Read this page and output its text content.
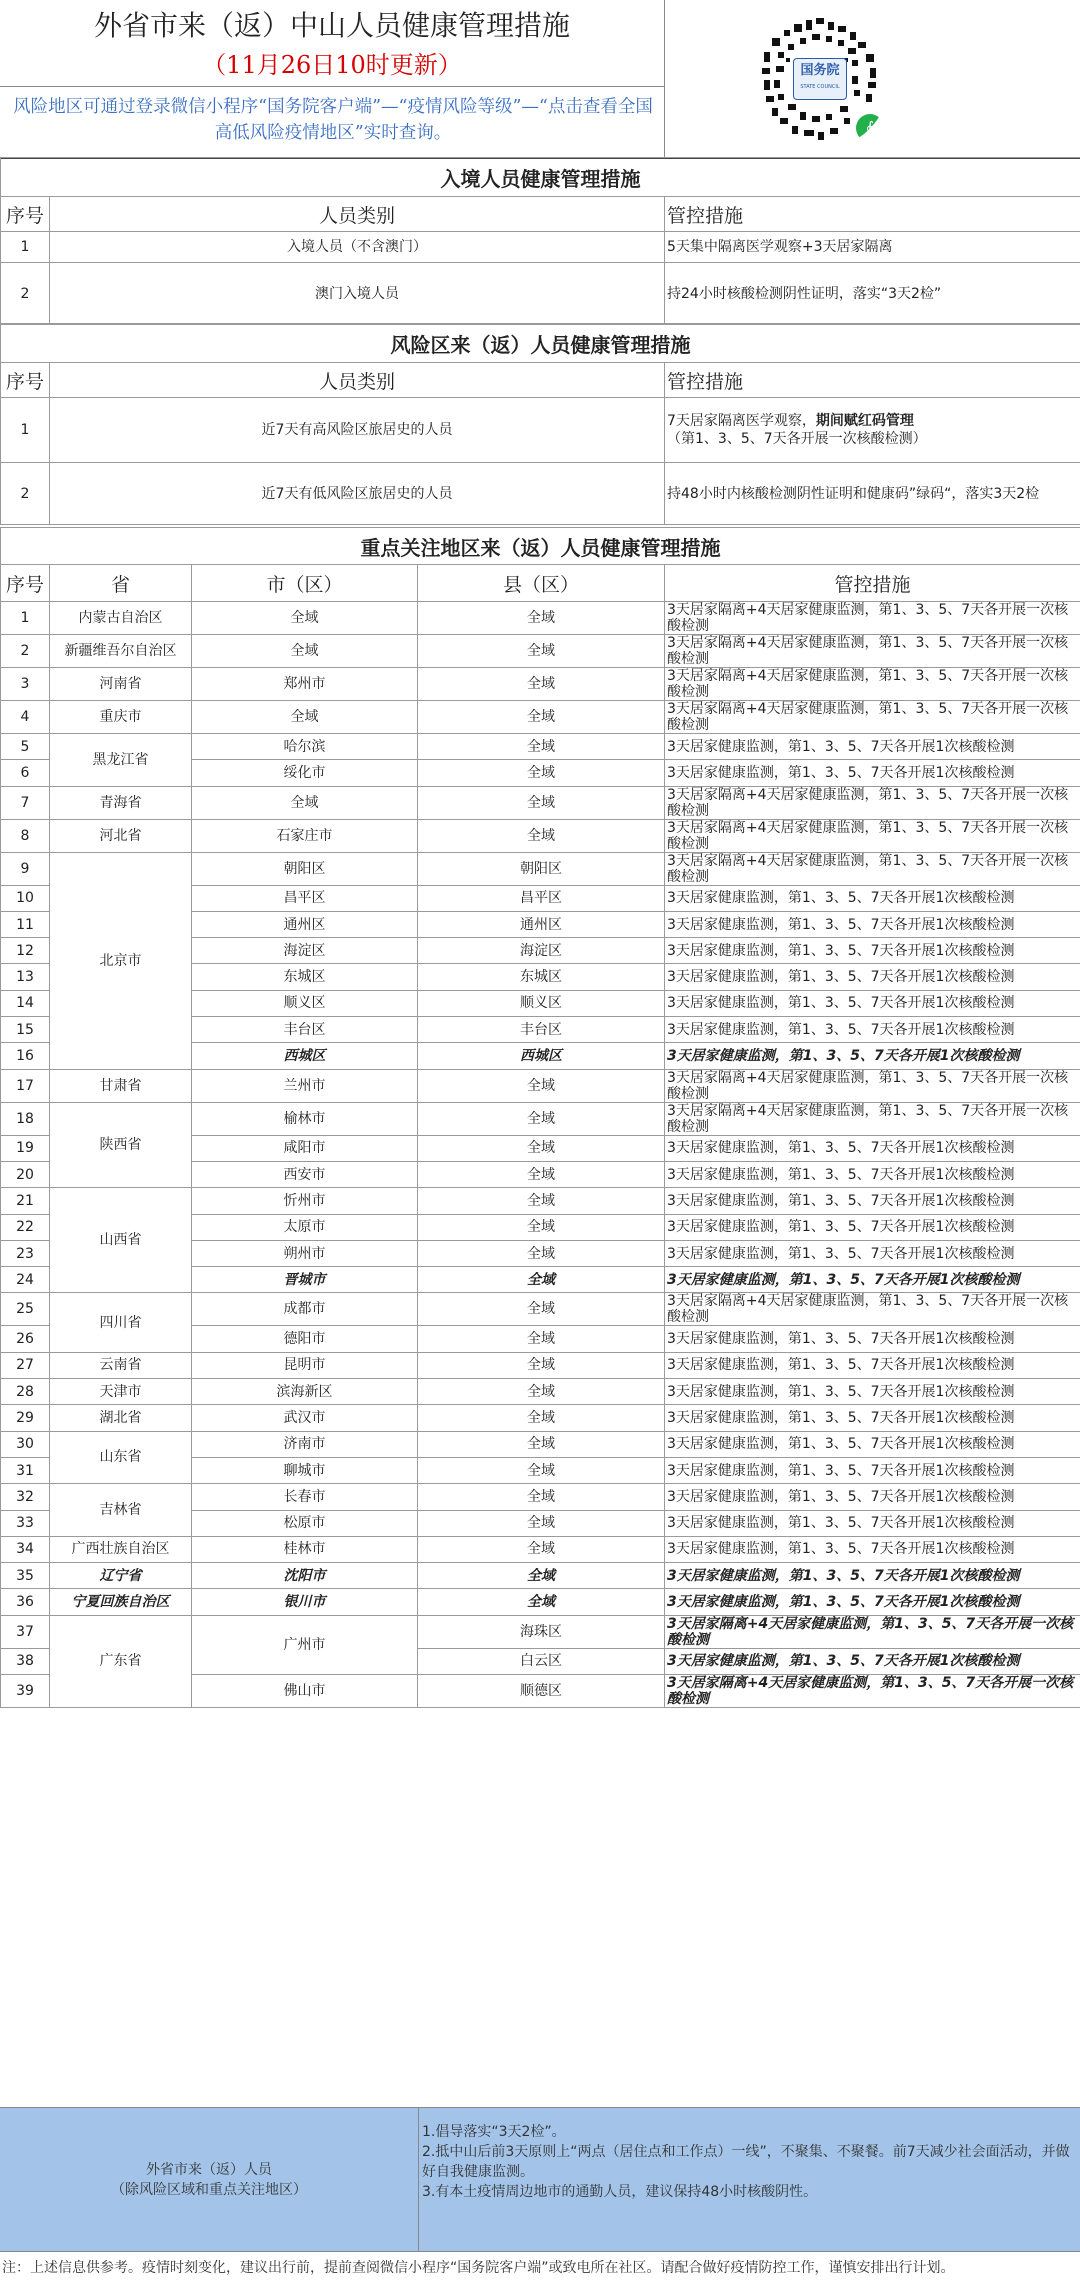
外省市来（返）中山人员健康管理措施
（11月26日10时更新）
风险地区可通过登录微信小程序“国务院客户端”—“疫情风险等级”—“点击查看全国高低风险疫情地区”实时查询。
国务院
STATE COUNCIL
∮
入境人员健康管理措施		
序号	人员类别	管控措施
1	入境人员（不含澳门）	5天集中隔离医学观察+3天居家隔离
2	澳门入境人员	持24小时核酸检测阴性证明，落实“3天2检”
风险区来（返）人员健康管理措施		
序号	人员类别	管控措施
1	近7天有高风险区旅居史的人员	7天居家隔离医学观察，期间赋红码管理
（第1、3、5、7天各开展一次核酸检测）
2	近7天有低风险区旅居史的人员	持48小时内核酸检测阴性证明和健康码”绿码“，落实3天2检
重点关注地区来（返）人员健康管理措施				
序号	省	市（区）	县（区）	管控措施
1	内蒙古自治区	全域	全域	3天居家隔离+4天居家健康监测，第1、3、5、7天各开展一次核酸检测
2	新疆维吾尔自治区	全域	全域	3天居家隔离+4天居家健康监测，第1、3、5、7天各开展一次核酸检测
3	河南省	郑州市	全域	3天居家隔离+4天居家健康监测，第1、3、5、7天各开展一次核酸检测
4	重庆市	全域	全域	3天居家隔离+4天居家健康监测，第1、3、5、7天各开展一次核酸检测
5	黑龙江省	哈尔滨	全域	3天居家健康监测，第1、3、5、7天各开展1次核酸检测
6		绥化市	全域	3天居家健康监测，第1、3、5、7天各开展1次核酸检测
7	青海省	全域	全域	3天居家隔离+4天居家健康监测，第1、3、5、7天各开展一次核酸检测
8	河北省	石家庄市	全域	3天居家隔离+4天居家健康监测，第1、3、5、7天各开展一次核酸检测
9	北京市	朝阳区	朝阳区	3天居家隔离+4天居家健康监测，第1、3、5、7天各开展一次核酸检测
10		昌平区	昌平区	3天居家健康监测，第1、3、5、7天各开展1次核酸检测
11		通州区	通州区	3天居家健康监测，第1、3、5、7天各开展1次核酸检测
12		海淀区	海淀区	3天居家健康监测，第1、3、5、7天各开展1次核酸检测
13		东城区	东城区	3天居家健康监测，第1、3、5、7天各开展1次核酸检测
14		顺义区	顺义区	3天居家健康监测，第1、3、5、7天各开展1次核酸检测
15		丰台区	丰台区	3天居家健康监测，第1、3、5、7天各开展1次核酸检测
16		西城区	西城区	3天居家健康监测，第1、3、5、7天各开展1次核酸检测
17	甘肃省	兰州市	全域	3天居家隔离+4天居家健康监测，第1、3、5、7天各开展一次核酸检测
18	陕西省	榆林市	全域	3天居家隔离+4天居家健康监测，第1、3、5、7天各开展一次核酸检测
19		咸阳市	全域	3天居家健康监测，第1、3、5、7天各开展1次核酸检测
20		西安市	全域	3天居家健康监测，第1、3、5、7天各开展1次核酸检测
21	山西省	忻州市	全域	3天居家健康监测，第1、3、5、7天各开展1次核酸检测
22		太原市	全域	3天居家健康监测，第1、3、5、7天各开展1次核酸检测
23		朔州市	全域	3天居家健康监测，第1、3、5、7天各开展1次核酸检测
24		晋城市	全域	3天居家健康监测，第1、3、5、7天各开展1次核酸检测
25	四川省	成都市	全域	3天居家隔离+4天居家健康监测，第1、3、5、7天各开展一次核酸检测
26		德阳市	全域	3天居家健康监测，第1、3、5、7天各开展1次核酸检测
27	云南省	昆明市	全域	3天居家健康监测，第1、3、5、7天各开展1次核酸检测
28	天津市	滨海新区	全域	3天居家健康监测，第1、3、5、7天各开展1次核酸检测
29	湖北省	武汉市	全域	3天居家健康监测，第1、3、5、7天各开展1次核酸检测
30	山东省	济南市	全域	3天居家健康监测，第1、3、5、7天各开展1次核酸检测
31		聊城市	全域	3天居家健康监测，第1、3、5、7天各开展1次核酸检测
32	吉林省	长春市	全域	3天居家健康监测，第1、3、5、7天各开展1次核酸检测
33		松原市	全域	3天居家健康监测，第1、3、5、7天各开展1次核酸检测
34	广西壮族自治区	桂林市	全域	3天居家健康监测，第1、3、5、7天各开展1次核酸检测
35	辽宁省	沈阳市	全域	3天居家健康监测，第1、3、5、7天各开展1次核酸检测
36	宁夏回族自治区	银川市	全域	3天居家健康监测，第1、3、5、7天各开展1次核酸检测
37	广东省	广州市	海珠区	3天居家隔离+4天居家健康监测，第1、3、5、7天各开展一次核酸检测
38			白云区	3天居家健康监测，第1、3、5、7天各开展1次核酸检测
39		佛山市	顺德区	3天居家隔离+4天居家健康监测，第1、3、5、7天各开展一次核酸检测
外省市来（返）人员
（除风险区域和重点关注地区）
1.倡导落实“3天2检”。
2.抵中山后前3天原则上“两点（居住点和工作点）一线”，不聚集、不聚餐。前7天减少社会面活动，并做好自我健康监测。
3.有本土疫情周边地市的通勤人员，建议保持48小时核酸阴性。
注：上述信息供参考。疫情时刻变化，建议出行前，提前查阅微信小程序“国务院客户端”或致电所在社区。请配合做好疫情防控工作，谨慎安排出行计划。
